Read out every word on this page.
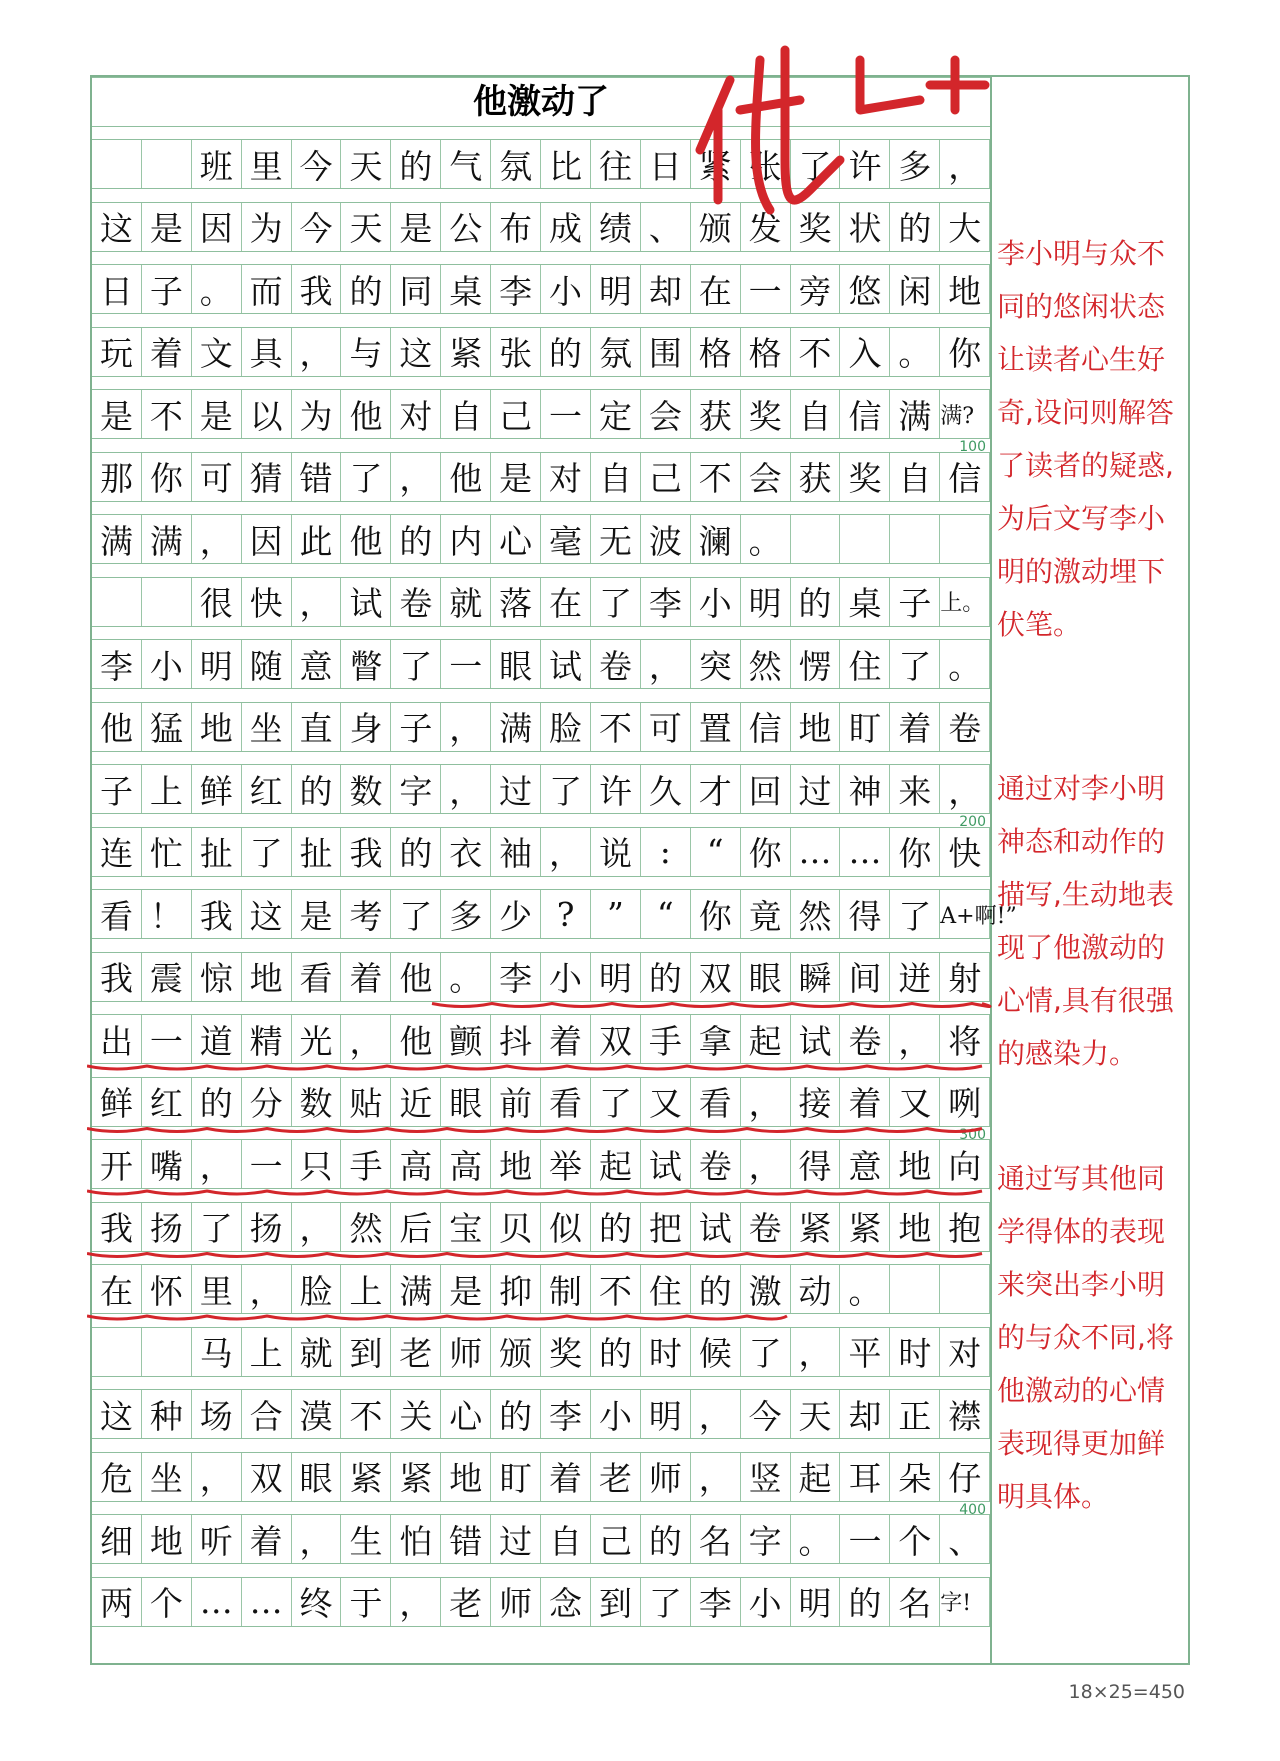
他激动了
班 里 今 天 的 气 氛 比 往 日 紧 张 了 许 多 ，
这 是 因 为 今 天 是 公 布 成 绩 、 颁 发 奖 状 的 大
日 子 。 而 我 的 同 桌 李 小 明 却 在 一 旁 悠 闲 地
玩 着 文 具 ， 与 这 紧 张 的 氛 围 格 格 不 入 。 你
是 不 是 以 为 他 对 自 己 一 定 会 获 奖 自 信 满 满?
那 你 可 猜 错 了 ， 他 是 对 自 己 不 会 获 奖 自 信
满 满 ， 因 此 他 的 内 心 毫 无 波 澜 。
很 快 ， 试 卷 就 落 在 了 李 小 明 的 桌 子 上。
李 小 明 随 意 瞥 了 一 眼 试 卷 ， 突 然 愣 住 了 。
他 猛 地 坐 直 身 子 ， 满 脸 不 可 置 信 地 盯 着 卷
子 上 鲜 红 的 数 字 ， 过 了 许 久 才 回 过 神 来 ，
连 忙 扯 了 扯 我 的 衣 袖 ， 说 :	“ 你 … … 你 快
看 ！ 我 这 是 考 了 多 少 ? ”	“ 你 竟 然 得 了 A+啊!”
我 震 惊 地 看 着 他 。 李 小 明 的 双 眼 瞬 间 迸 射
出 一 道 精 光 ， 他 颤 抖 着 双 手 拿 起 试 卷 ， 将
鲜 红 的 分 数 贴 近 眼 前 看 了 又 看 ， 接 着 又 咧
开 嘴 ， 一 只 手 高 高 地 举 起 试 卷 ， 得 意 地 向
我 扬 了 扬 ， 然 后 宝 贝 似 的 把 试 卷 紧 紧 地 抱
在 怀 里 ， 脸 上 满 是 抑 制 不 住 的 激 动 。
马 上 就 到 老 师 颁 奖 的 时 候 了 ， 平 时 对
这 种 场 合 漠 不 关 心 的 李 小 明 ， 今 天 却 正 襟
危 坐 ， 双 眼 紧 紧 地 盯 着 老 师 ， 竖 起 耳 朵 仔
细 地 听 着 ， 生 怕 错 过 自 己 的 名 字 。 一 个 、
两 个 … … 终 于 ， 老 师 念 到 了 李 小 明 的 名 字!
100
200
300
400
李小明与众不同的悠闲状态让读者心生好奇,设问则解答了读者的疑惑,为后文写李小明的激动埋下伏笔。
通过对李小明神态和动作的描写,生动地表现了他激动的心情,具有很强的感染力。
通过写其他同学得体的表现来突出李小明的与众不同,将他激动的心情表现得更加鲜明具体。
18×25=450
